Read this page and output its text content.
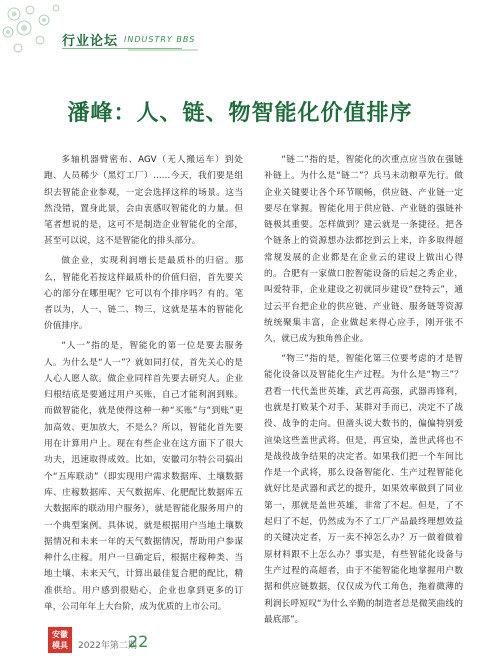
行业论坛 INDUSTRY BBS
潘峰：人、链、物智能化价值排序

多轴机器臂密布、AGV（无人搬运车）到处跑、人员稀少（黑灯工厂）……今天，我们要是组织去智能企业参观，一定会选择这样的场景。这当然没错，置身此景，会由衷感叹智能化的力量。但笔者想说的是，这可不是制造企业智能化的全部，甚至可以说，这不是智能化的排头部分。

做企业，实现利润增长是最质朴的归宿。那么，智能化若按这样最质朴的价值归宿，首先要关心的部分在哪里呢？它可以有个排序吗？有的。笔者以为，人一、链二、物三，这就是基本的智能化价值排序。

“人一”指的是，智能化的第一位是要去服务人。为什么是“人一”？就如同打仗，首先关心的是人心人愿人欲。做企业同样首先要去研究人。企业归根结底是要通过用户买账，自己才能利润到账。而做智能化，就是使得这种一种“买账”与“到账”更加高效、更加放大，不是么？所以，智能化首先要用在计算用户上。现在有些企业在这方面下了很大功夫，迅速取得成效。比如，安徽司尔特公司搞出个“五库联动”（即实现用户需求数据库、土壤数据库、庄稼数据库、天气数据库、化肥配比数据库五大数据库的联动用户服务），就是智能化服务用户的一个典型案例。具体说，就是根据用户当地土壤数据情况和未来一年的天气数据情况，帮助用户参谋种什么庄稼。用户一旦确定后，根据庄稼种类、当地土壤、未来天气，计算出最佳复合肥的配比，精准供给。用户感到很贴心，企业也拿到更多的订单，公司年年上大台阶，成为优质的上市公司。

“链二”指的是，智能化的次重点应当放在强链补链上。为什么是“链二”？兵马未动粮草先行。做企业关键要让各个环节顺畅，供应链、产业链一定要尽在掌握。智能化用于供应链、产业链的强链补链极其重要。怎样做到？建云就是一条捷径。把各个链条上的资源想办法都挖到云上来，许多取得超常规发展的企业都是在企业云的建设上做出心得的。合肥有一家做口腔智能设备的后起之秀企业，叫爱特菲，企业建设之初就同步建设“登特云”，通过云平台把企业的供应链、产业链、服务链等资源统统聚集丰富，企业做起来得心应手，刚开张不久，就已成为独角兽企业。

“物三”指的是，智能化第三位要考虑的才是智能化设备以及智能化生产过程。为什么是“物三”？君看一代代盖世英雄，武艺再高强，武器再锋利，也就是打败某个对手、某群对手而已，决定不了战役、战争的走向。但凿头说大数书的，偏偏特别爱渲染这些盖世武将。但是，再宣染，盖世武将也不是战役战争结果的决定者。如果我们把一个车间比作是一个武将，那么设备智能化、生产过程智能化就好比是武器和武艺的提升，如果效率做到了同业第一，那就是盖世英雄，非常了不起。但是，了不起归了不起，仍然成为不了工厂产品最终理想效益的关键决定者，万一卖不掉怎么办？万一做着做着原材料跟不上怎么办？事实是，有些智能化设备与生产过程的高超者，由于不能智能化地掌握用户数据和供应链数据，仅仅成为代工角色，拖着微薄的利润长呼短叹“为什么辛勤的制造者总是微笑曲线的最底部”。

安徽
模具	2022年第二期
22
